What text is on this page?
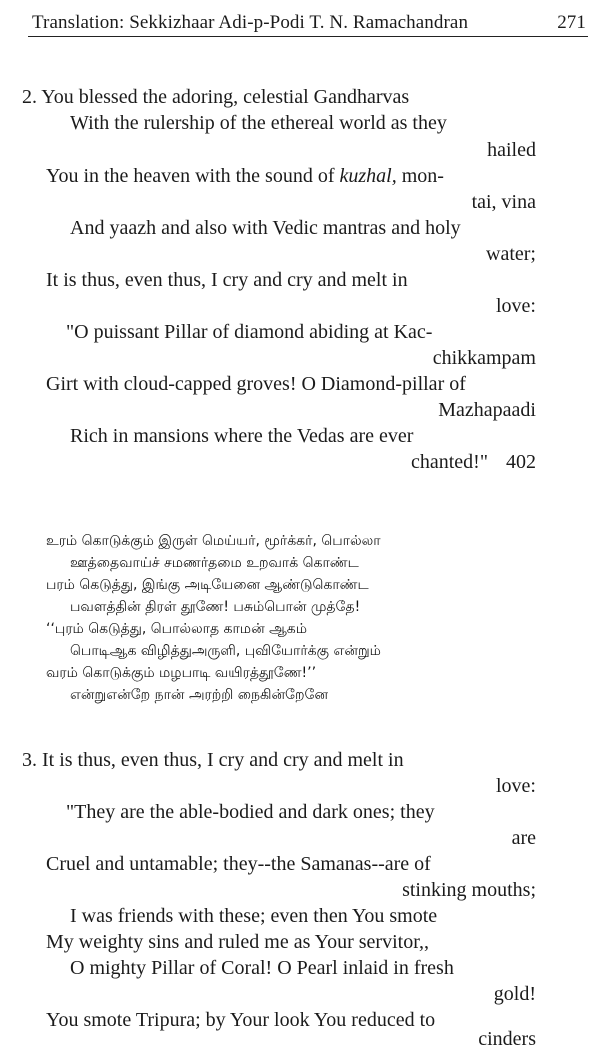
Translation: Sekkizhaar Adi-p-Podi T. N. Ramachandran	271
2. You blessed the adoring, celestial Gandharvas
With the rulership of the ethereal world as they
hailed
You in the heaven with the sound of kuzhal, mon-
tai, vina
And yaazh and also with Vedic mantras and holy
water;
It is thus, even thus, I cry and cry and melt in
love:
"O puissant Pillar of diamond abiding at Kac-
chikkampam
Girt with cloud-capped groves! O Diamond-pillar of
Mazhapaadi
Rich in mansions where the Vedas are ever
chanted!" 402
உரம் கொடுக்கும் இருள் மெய்யர், மூர்க்கர், பொல்லா
ஊத்தைவாய்ச் சமணர்தமை உறவாக் கொண்ட
பரம் கெடுத்து, இங்கு அடியேனை ஆண்டுகொண்ட
பவளத்தின் திரள் தூணே! பசும்பொன் முத்தே!
‘‘புரம் கெடுத்து, பொல்லாத காமன் ஆகம்
பொடிஆக விழித்துஅருளி, புவியோர்க்கு என்றும்
வரம் கொடுக்கும் மழபாடி வயிரத்தூணே!’’
என்றுஎன்றே நான் அரற்றி நைகின்றேனே
3. It is thus, even thus, I cry and cry and melt in
love:
"They are the able-bodied and dark ones; they
are
Cruel and untamable; they--the Samanas--are of
stinking mouths;
I was friends with these; even then You smote
My weighty sins and ruled me as Your servitor,,
O mighty Pillar of Coral! O Pearl inlaid in fresh
gold!
You smote Tripura; by Your look You reduced to
cinders
